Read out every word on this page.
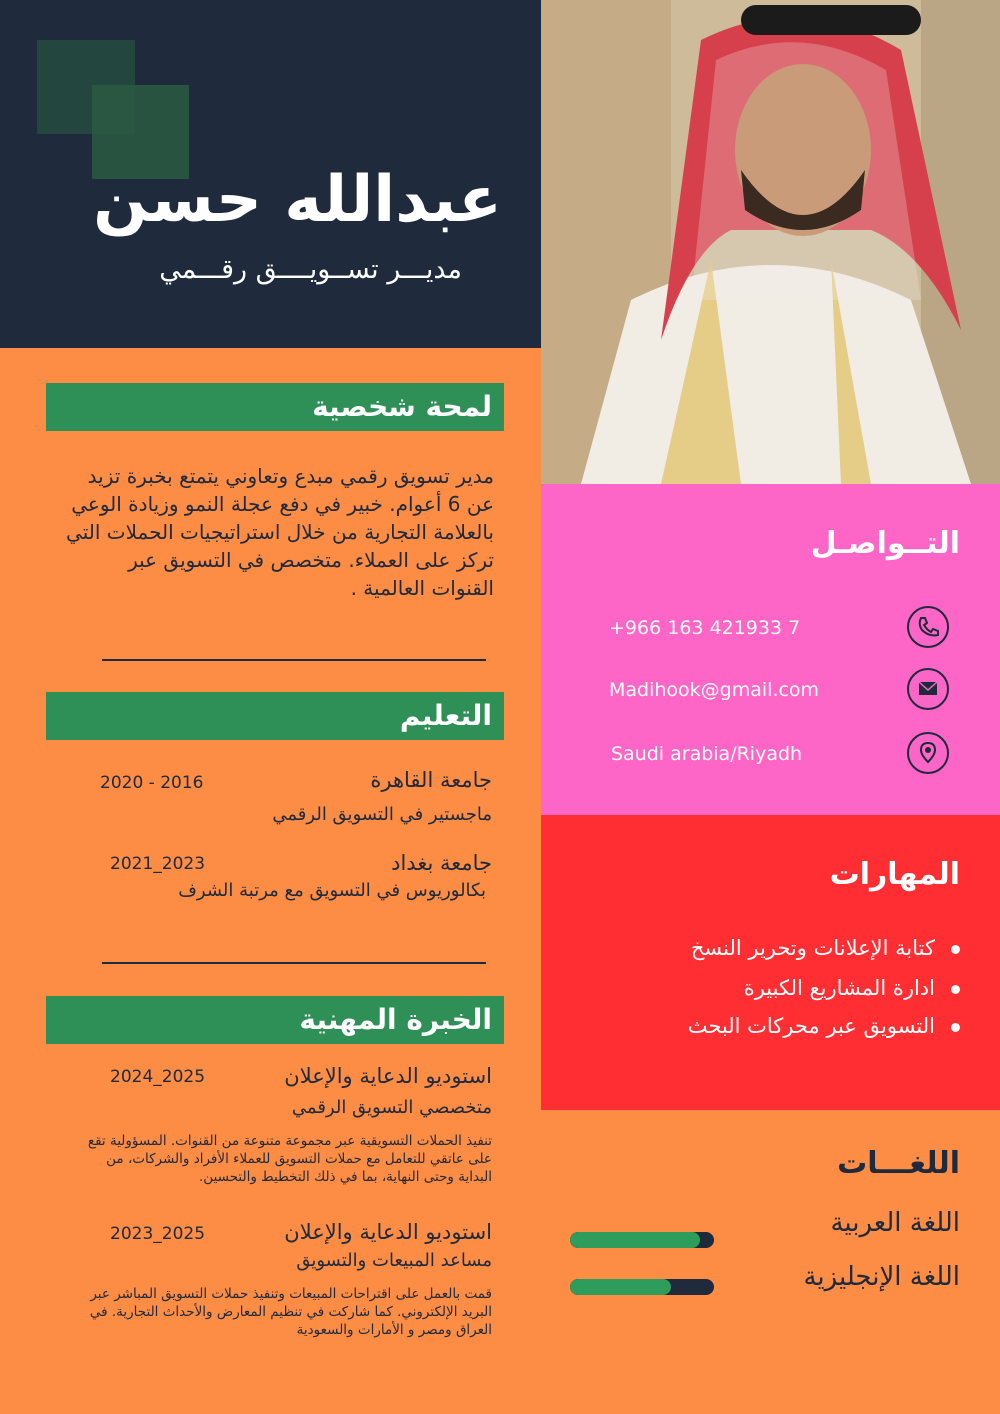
عبدالله حسن
مديـــر تســويــــق رقـــمي
التــواصـل
+966 163 421933 7
Madihook@gmail.com
Saudi arabia/Riyadh
المهارات
كتابة الإعلانات وتحرير النسخ
ادارة المشاريع الكبيرة
التسويق عبر محركات البحث
اللغـــات
اللغة العربية
اللغة الإنجليزية
لمحة شخصية
مدير تسويق رقمي مبدع وتعاوني يتمتع بخبرة تزيد عن 6 أعوام. خبير في دفع عجلة النمو وزيادة الوعي بالعلامة التجارية من خلال استراتيجيات الحملات التي تركز على العملاء. متخصص في التسويق عبر القنوات العالمية .
التعليم
جامعة القاهرة
2020 - 2016
ماجستير في التسويق الرقمي
جامعة بغداد
2021_2023
بكالوريوس في التسويق مع مرتبة الشرف
الخبرة المهنية
استوديو الدعاية والإعلان
2024_2025
متخصصي التسويق الرقمي
تنفيذ الحملات التسويقية عبر مجموعة متنوعة من القنوات. المسؤولية تقع على عاتقي للتعامل مع حملات التسويق للعملاء الأفراد والشركات، من البداية وحتى النهاية، بما في ذلك التخطيط والتحسين.
استوديو الدعاية والإعلان
2023_2025
مساعد المبيعات والتسويق
قمت بالعمل على اقتراحات المبيعات وتنفيذ حملات التسويق المباشر عبر البريد الإلكتروني. كما شاركت في تنظيم المعارض والأحداث التجارية. في العراق ومصر و الأمارات والسعودية
